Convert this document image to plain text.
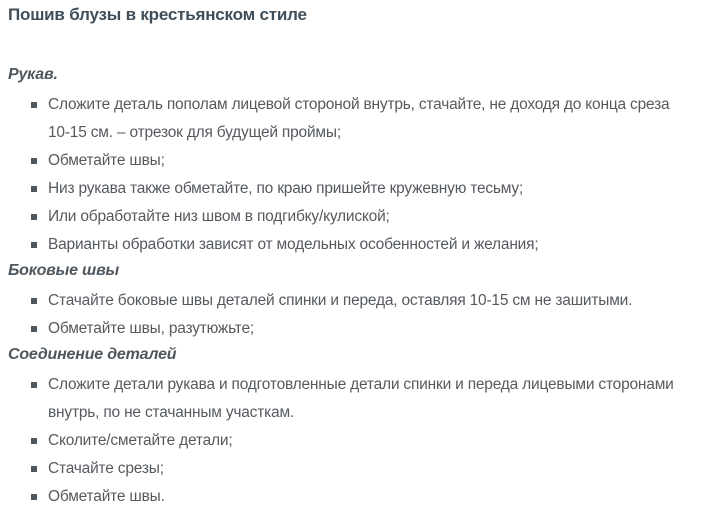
Пошив блузы в крестьянском стиле
Рукав.
Сложите деталь пополам лицевой стороной внутрь, стачайте, не доходя до конца среза 10-15 см. – отрезок для будущей проймы;
Обметайте швы;
Низ рукава также обметайте, по краю пришейте кружевную тесьму;
Или обработайте низ швом в подгибку/кулиской;
Варианты обработки зависят от модельных особенностей и желания;
Боковые швы
Стачайте боковые швы деталей спинки и переда, оставляя 10-15 см не зашитыми.
Обметайте швы, разутюжьте;
Соединение деталей
Сложите детали рукава и подготовленные детали спинки и переда лицевыми сторонами внутрь, по не стачанным участкам.
Сколите/сметайте детали;
Стачайте срезы;
Обметайте швы.
